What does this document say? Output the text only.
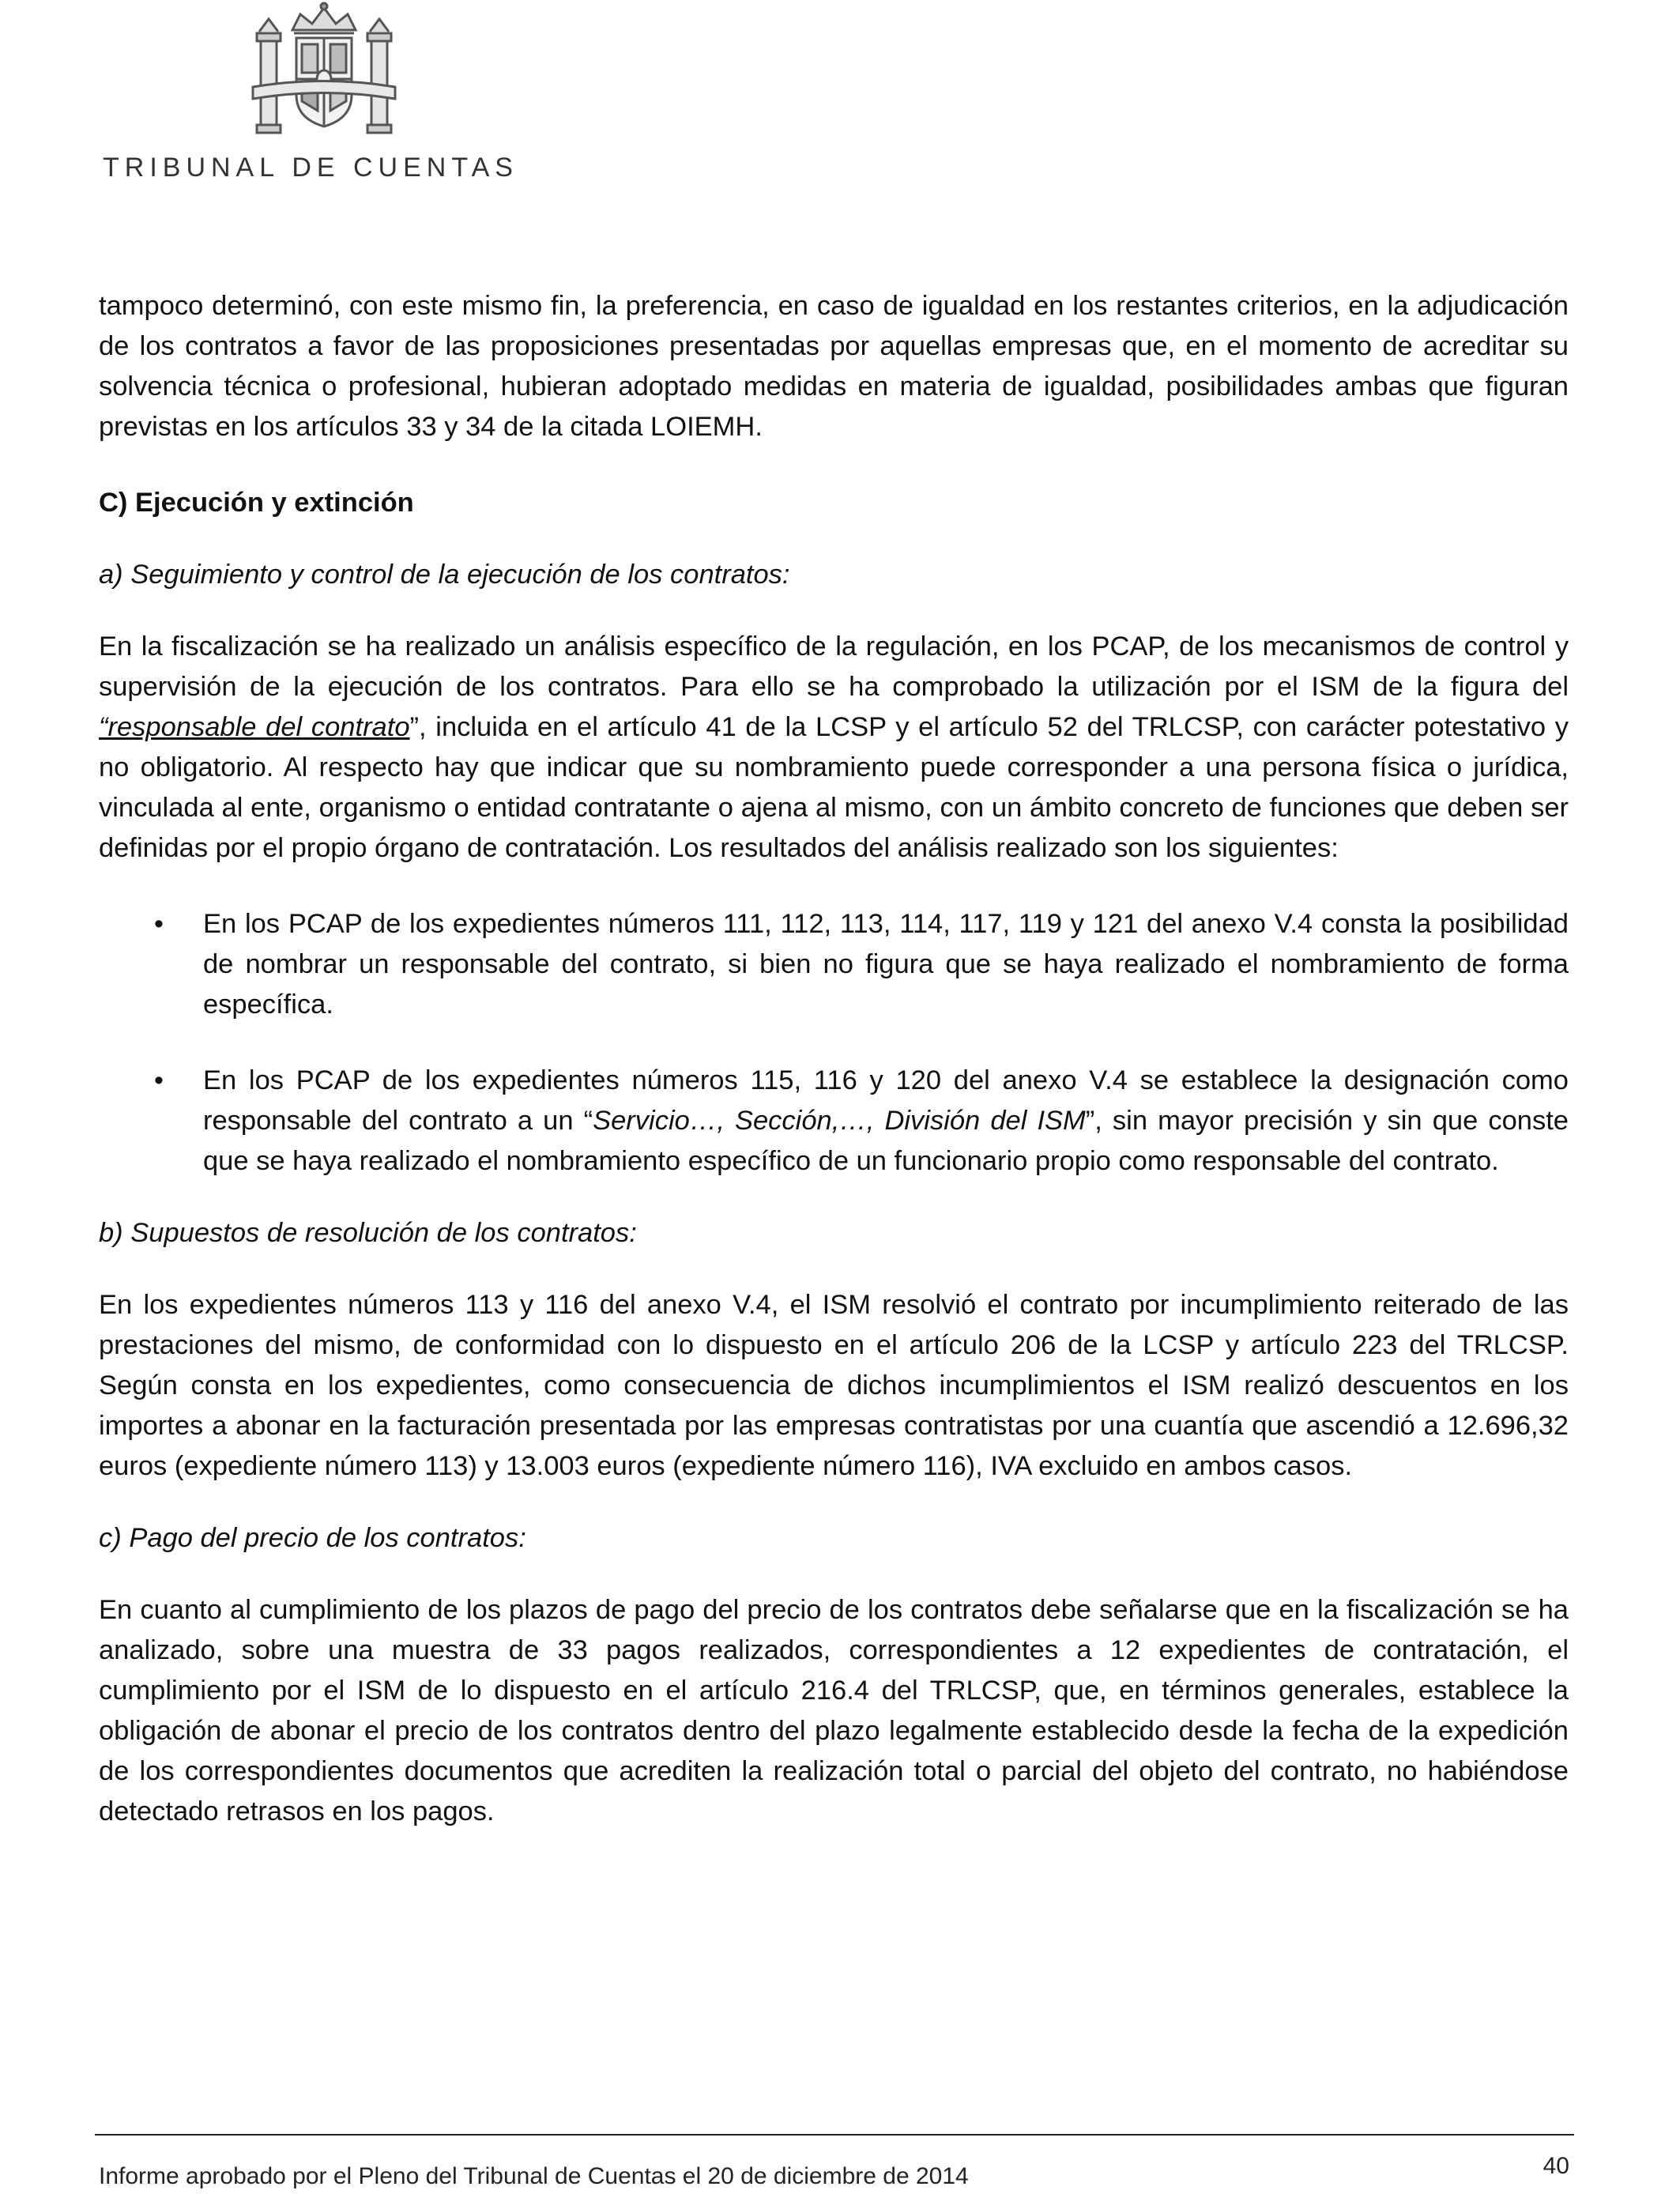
TRIBUNAL DE CUENTAS

tampoco determinó, con este mismo fin, la preferencia, en caso de igualdad en los restantes criterios, en la adjudicación de los contratos a favor de las proposiciones presentadas por aquellas empresas que, en el momento de acreditar su solvencia técnica o profesional, hubieran adoptado medidas en materia de igualdad, posibilidades ambas que figuran previstas en los artículos 33 y 34 de la citada LOIEMH.

C) Ejecución y extinción

a) Seguimiento y control de la ejecución de los contratos:

En la fiscalización se ha realizado un análisis específico de la regulación, en los PCAP, de los mecanismos de control y supervisión de la ejecución de los contratos. Para ello se ha comprobado la utilización por el ISM de la figura del “responsable del contrato”, incluida en el artículo 41 de la LCSP y el artículo 52 del TRLCSP, con carácter potestativo y no obligatorio. Al respecto hay que indicar que su nombramiento puede corresponder a una persona física o jurídica, vinculada al ente, organismo o entidad contratante o ajena al mismo, con un ámbito concreto de funciones que deben ser definidas por el propio órgano de contratación. Los resultados del análisis realizado son los siguientes:

• En los PCAP de los expedientes números 111, 112, 113, 114, 117, 119 y 121 del anexo V.4 consta la posibilidad de nombrar un responsable del contrato, si bien no figura que se haya realizado el nombramiento de forma específica.
• En los PCAP de los expedientes números 115, 116 y 120 del anexo V.4 se establece la designación como responsable del contrato a un “Servicio…, Sección,…, División del ISM”, sin mayor precisión y sin que conste que se haya realizado el nombramiento específico de un funcionario propio como responsable del contrato.

b) Supuestos de resolución de los contratos:

En los expedientes números 113 y 116 del anexo V.4, el ISM resolvió el contrato por incumplimiento reiterado de las prestaciones del mismo, de conformidad con lo dispuesto en el artículo 206 de la LCSP y artículo 223 del TRLCSP. Según consta en los expedientes, como consecuencia de dichos incumplimientos el ISM realizó descuentos en los importes a abonar en la facturación presentada por las empresas contratistas por una cuantía que ascendió a 12.696,32 euros (expediente número 113) y 13.003 euros (expediente número 116), IVA excluido en ambos casos.

c) Pago del precio de los contratos:

En cuanto al cumplimiento de los plazos de pago del precio de los contratos debe señalarse que en la fiscalización se ha analizado, sobre una muestra de 33 pagos realizados, correspondientes a 12 expedientes de contratación, el cumplimiento por el ISM de lo dispuesto en el artículo 216.4 del TRLCSP, que, en términos generales, establece la obligación de abonar el precio de los contratos dentro del plazo legalmente establecido desde la fecha de la expedición de los correspondientes documentos que acrediten la realización total o parcial del objeto del contrato, no habiéndose detectado retrasos en los pagos.

40
Informe aprobado por el Pleno del Tribunal de Cuentas el 20 de diciembre de 2014
